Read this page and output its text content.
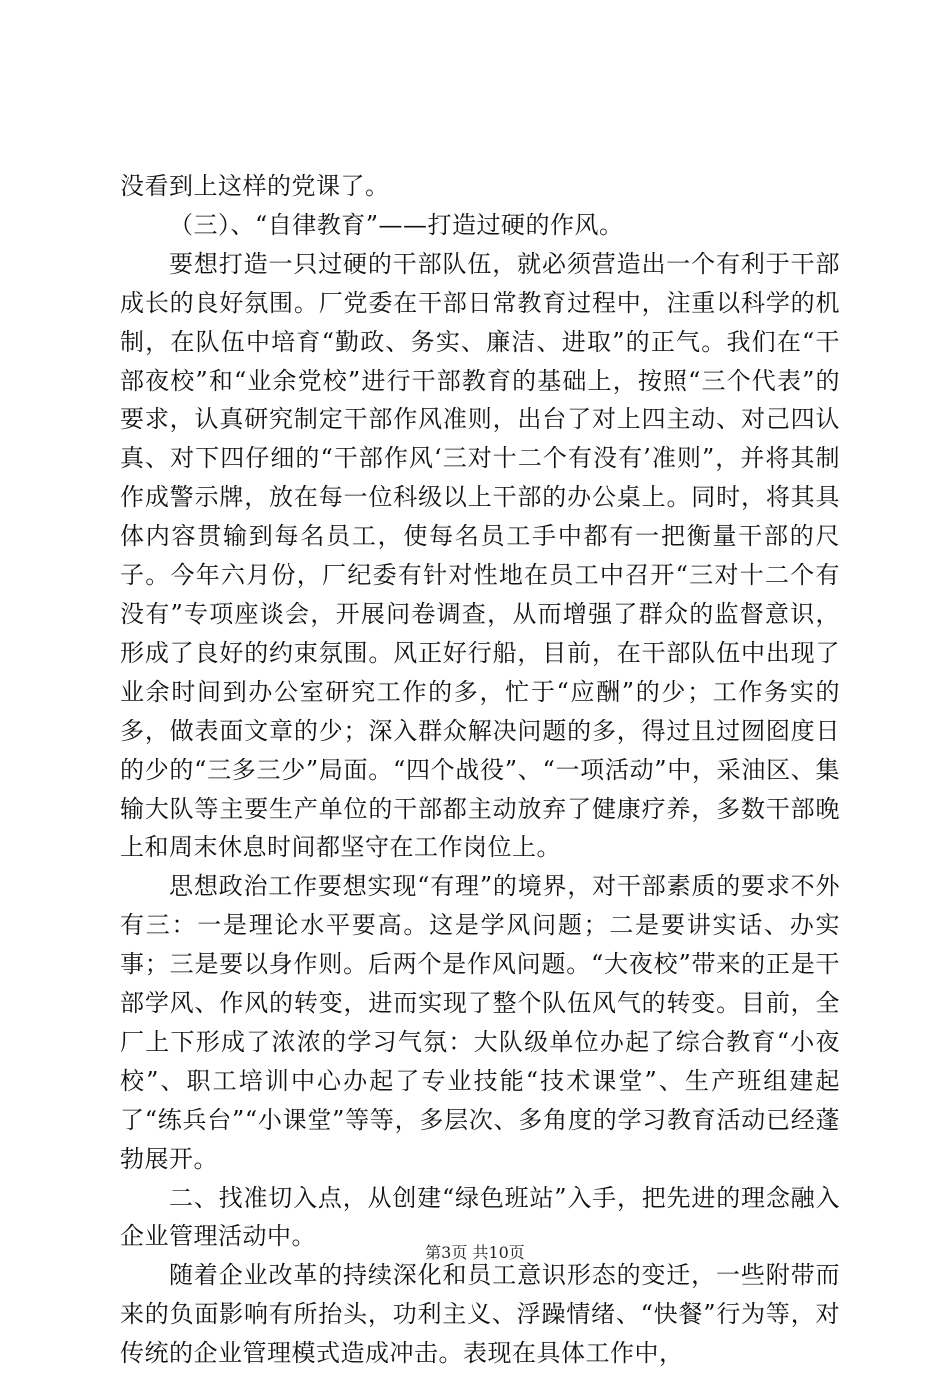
没看到上这样的党课了。

（三）、“自律教育”——打造过硬的作风。

要想打造一只过硬的干部队伍，就必须营造出一个有利于干部成长的良好氛围。厂党委在干部日常教育过程中，注重以科学的机制，在队伍中培育“勤政、务实、廉洁、进取”的正气。我们在“干部夜校”和“业余党校”进行干部教育的基础上，按照“三个代表”的要求，认真研究制定干部作风准则，出台了对上四主动、对己四认真、对下四仔细的“干部作风‘三对十二个有没有’准则”，并将其制作成警示牌，放在每一位科级以上干部的办公桌上。同时，将其具体内容贯输到每名员工，使每名员工手中都有一把衡量干部的尺子。今年六月份，厂纪委有针对性地在员工中召开“三对十二个有没有”专项座谈会，开展问卷调查，从而增强了群众的监督意识，形成了良好的约束氛围。风正好行船，目前，在干部队伍中出现了业余时间到办公室研究工作的多，忙于“应酬”的少；工作务实的多，做表面文章的少；深入群众解决问题的多，得过且过囫囵度日的少的“三多三少”局面。“四个战役”、“一项活动”中，采油区、集输大队等主要生产单位的干部都主动放弃了健康疗养，多数干部晚上和周末休息时间都坚守在工作岗位上。

思想政治工作要想实现“有理”的境界，对干部素质的要求不外有三：一是理论水平要高。这是学风问题；二是要讲实话、办实事；三是要以身作则。后两个是作风问题。“大夜校”带来的正是干部学风、作风的转变，进而实现了整个队伍风气的转变。目前，全厂上下形成了浓浓的学习气氛：大队级单位办起了综合教育“小夜校”、职工培训中心办起了专业技能“技术课堂”、生产班组建起了“练兵台”“小课堂”等等，多层次、多角度的学习教育活动已经蓬勃展开。

二、找准切入点，从创建“绿色班站”入手，把先进的理念融入企业管理活动中。

随着企业改革的持续深化和员工意识形态的变迁，一些附带而来的负面影响有所抬头，功利主义、浮躁情绪、“快餐”行为等，对传统的企业管理模式造成冲击。表现在具体工作中，

第3页 共10页
